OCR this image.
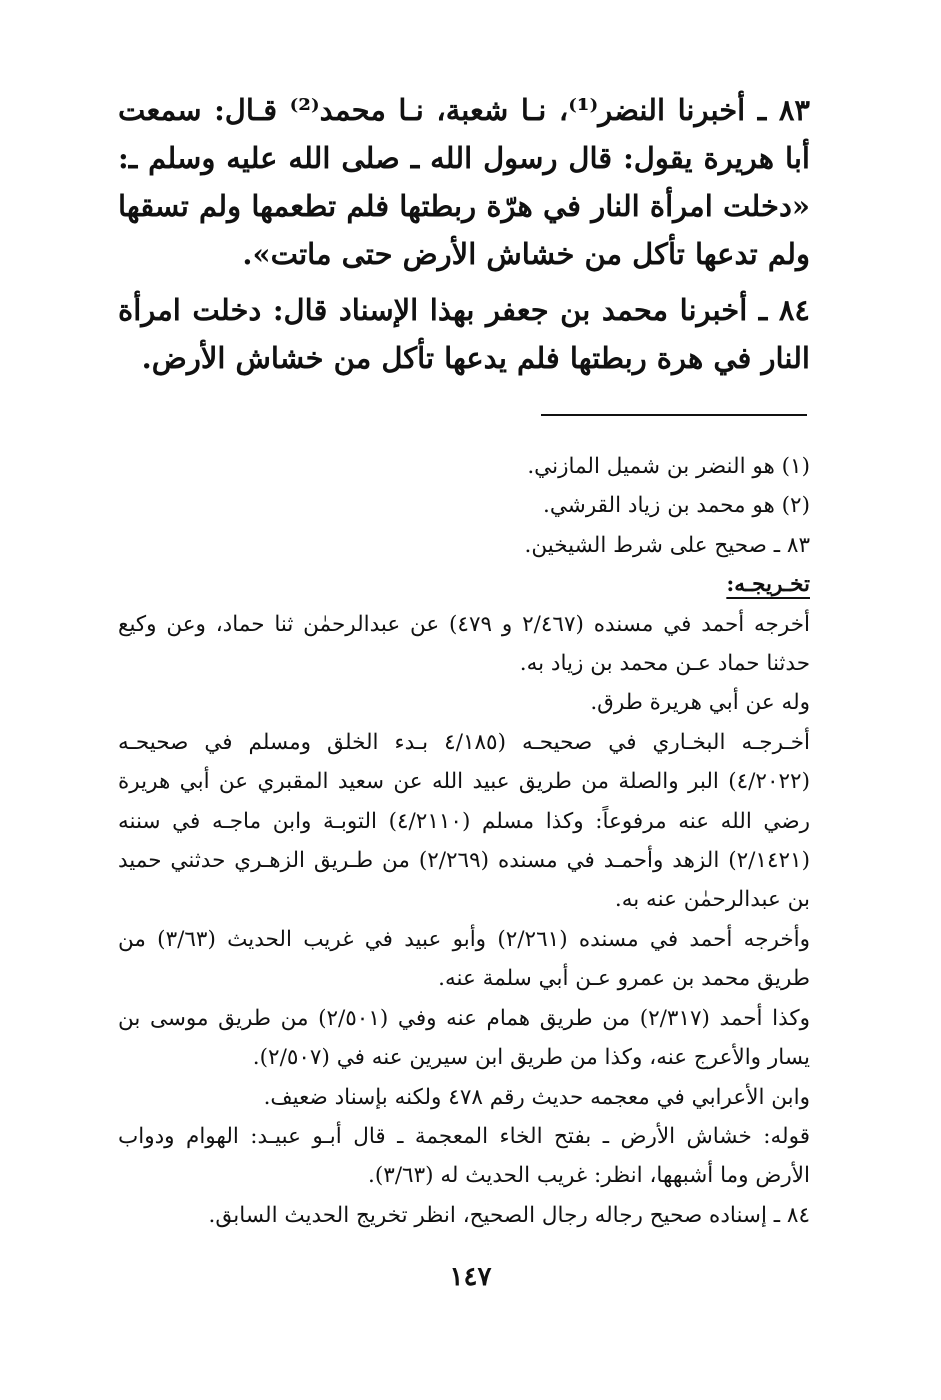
٨٣ ـ أخبرنا النضر⁽¹⁾، نـا شعبة، نـا محمد⁽²⁾ قـال: سمعت أبا هريرة يقول: قال رسول الله ـ صلى الله عليه وسلم ـ: «دخلت امرأة النار في هرّة ربطتها فلم تطعمها ولم تسقها ولم تدعها تأكل من خشاش الأرض حتى ماتت».

٨٤ ـ أخبرنا محمد بن جعفر بهذا الإسناد قال: دخلت امرأة النار في هرة ربطتها فلم يدعها تأكل من خشاش الأرض.

(١) هو النضر بن شميل المازني.

(٢) هو محمد بن زياد القرشي.

٨٣ ـ صحيح على شرط الشيخين.

تخـريجـه:

أخرجه أحمد في مسنده (٢/٤٦٧ و ٤٧٩) عن عبدالرحمٰن ثنا حماد، وعن وكيع حدثنا حماد عـن محمد بن زياد به.

وله عن أبي هريرة طرق.

أخـرجـه البخـاري في صحيحـه (٤/١٨٥ بـدء الخلق ومسلم في صحيحـه (٤/٢٠٢٢) البر والصلة من طريق عبيد الله عن سعيد المقبري عن أبي هريرة رضي الله عنه مرفوعاً: وكذا مسلم (٤/٢١١٠) التوبـة وابن ماجـه في سننه (٢/١٤٢١) الزهد وأحمـد في مسنده (٢/٢٦٩) من طـريق الزهـري حدثني حميد بن عبدالرحمٰن عنه به.

وأخرجه أحمد في مسنده (٢/٢٦١) وأبو عبيد في غريب الحديث (٣/٦٣) من طريق محمد بن عمرو عـن أبي سلمة عنه.

وكذا أحمد (٢/٣١٧) من طريق همام عنه وفي (٢/٥٠١) من طريق موسى بن يسار والأعرج عنه، وكذا من طريق ابن سيرين عنه في (٢/٥٠٧).

وابن الأعرابي في معجمه حديث رقم ٤٧٨ ولكنه بإسناد ضعيف.

قوله: خشاش الأرض ـ بفتح الخاء المعجمة ـ قال أبـو عبيـد: الهوام ودواب الأرض وما أشبهها، انظر: غريب الحديث له (٣/٦٣).

٨٤ ـ إسناده صحيح رجاله رجال الصحيح، انظر تخريج الحديث السابق.

١٤٧
